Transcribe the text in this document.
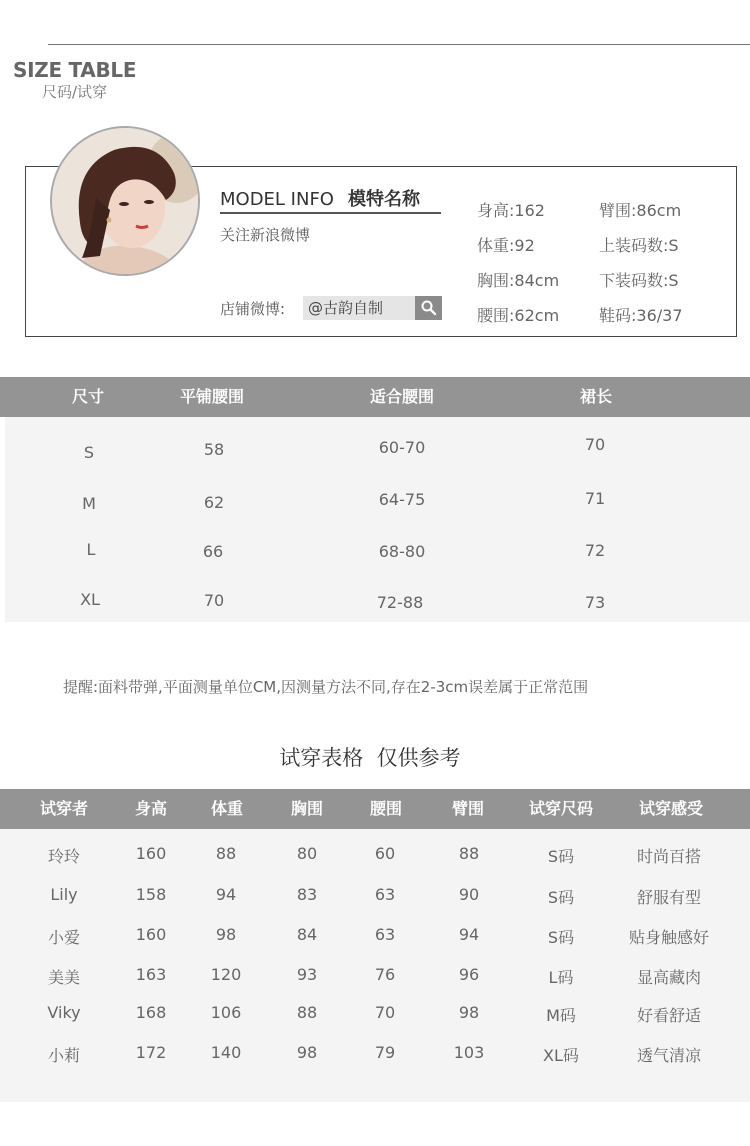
SIZE TABLE
尺码/试穿
MODEL INFO 模特名称
关注新浪微博
店铺微博:	@古韵自制
身高:162	臂围:86cm
体重:92	上装码数:S
胸围:84cm 下装码数:S
腰围:62cm 鞋码:36/37
尺寸	平铺腰围	适合腰围	裙长
S	58	60-70	70
M	62	64-75	71
L	66	68-80	72
XL	70	72-88	73
提醒:面料带弹,平面测量单位CM,因测量方法不同,存在2-3cm误差属于正常范围
试穿表格  仅供参考
试穿者	身高	体重	胸围	腰围	臂围	试穿尺码	试穿感受
玲玲	160	88	80	60	88	S码	时尚百搭
Lily	158	94	83	63	90	S码	舒服有型
小爱	160	98	84	63	94	S码	贴身触感好
美美	163	120	93	76	96	L码	显高藏肉
Viky	168	106	88	70	98	M码	好看舒适
小莉	172	140	98	79	103	XL码	透气清凉
